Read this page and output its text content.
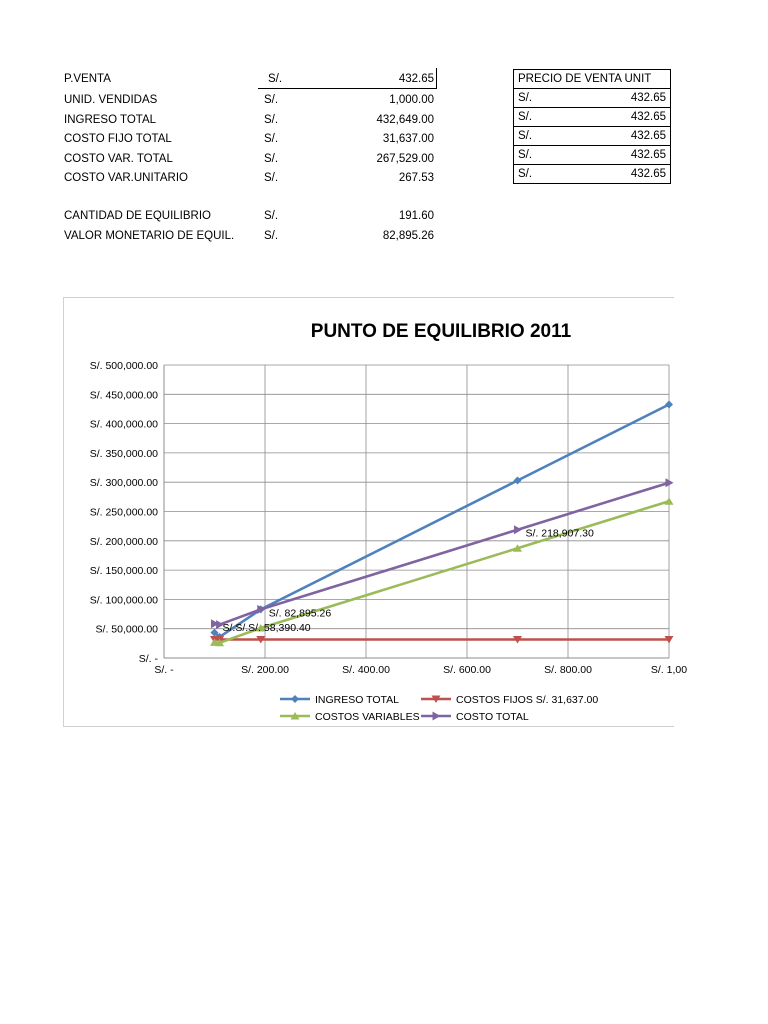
P.VENTA	S/.	432.65
UNID. VENDIDAS	S/.	1,000.00
INGRESO TOTAL	S/.	432,649.00
COSTO FIJO TOTAL	S/.	31,637.00
COSTO VAR. TOTAL	S/.	267,529.00
COSTO VAR.UNITARIO	S/.	267.53
CANTIDAD DE EQUILIBRIO	S/.	191.60
VALOR MONETARIO DE EQUIL.	S/.	82,895.26
PRECIO DE VENTA UNIT	
S/.	432.65
S/.	432.65
S/.	432.65
S/.	432.65
S/.	432.65
PUNTO DE EQUILIBRIO 2011
S/. -
S/. 50,000.00
S/. 100,000.00
S/. 150,000.00
S/. 200,000.00
S/. 250,000.00
S/. 300,000.00
S/. 350,000.00
S/. 400,000.00
S/. 450,000.00
S/. 500,000.00
S/. -	S/. 200.00	S/. 400.00	S/. 600.00	S/. 800.00	S/. 1,00
S/. 82,895.26
S/. 218,907.30
S/.S/.S/. 58,390.40
INGRESO TOTAL	COSTOS FIJOS S/. 31,637.00
COSTOS VARIABLES	COSTO TOTAL
